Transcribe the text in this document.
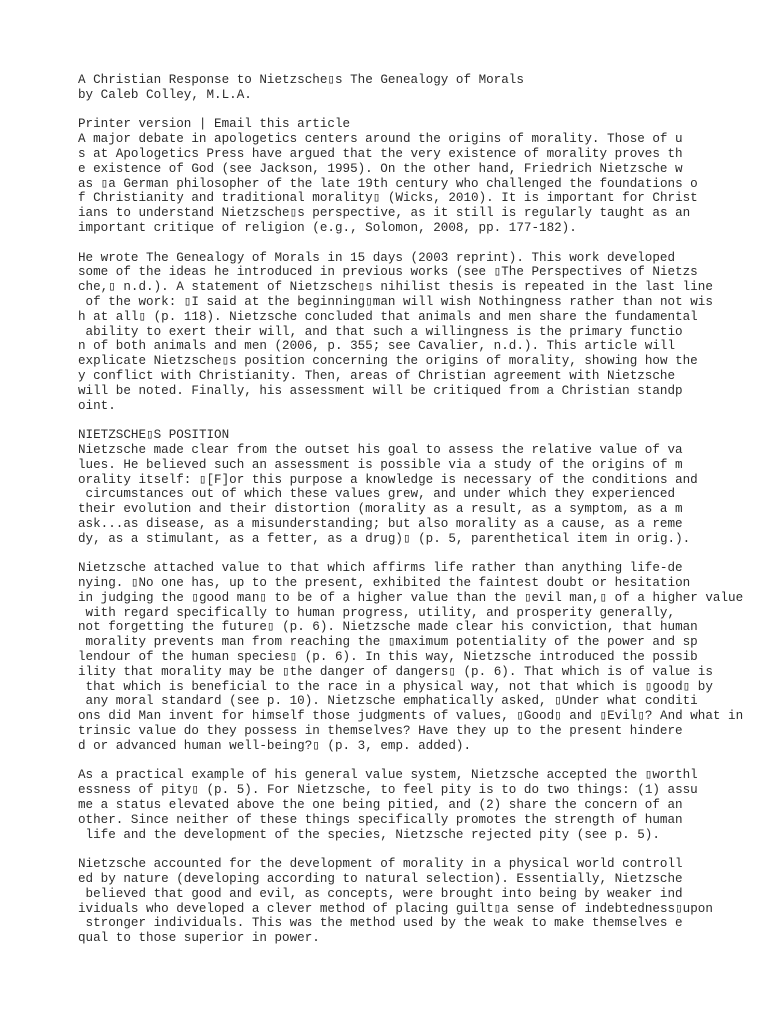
A Christian Response to Nietzsche▯s The Genealogy of Morals
by Caleb Colley, M.L.A.
Printer version | Email this article
A major debate in apologetics centers around the origins of morality. Those of u
s at Apologetics Press have argued that the very existence of morality proves th
e existence of God (see Jackson, 1995). On the other hand, Friedrich Nietzsche w
as ▯a German philosopher of the late 19th century who challenged the foundations o
f Christianity and traditional morality▯ (Wicks, 2010). It is important for Christ
ians to understand Nietzsche▯s perspective, as it still is regularly taught as an
important critique of religion (e.g., Solomon, 2008, pp. 177-182).
He wrote The Genealogy of Morals in 15 days (2003 reprint). This work developed
some of the ideas he introduced in previous works (see ▯The Perspectives of Nietzs
che,▯ n.d.). A statement of Nietzsche▯s nihilist thesis is repeated in the last line
of the work: ▯I said at the beginning▯man will wish Nothingness rather than not wis
h at all▯ (p. 118). Nietzsche concluded that animals and men share the fundamental
ability to exert their will, and that such a willingness is the primary functio
n of both animals and men (2006, p. 355; see Cavalier, n.d.). This article will
explicate Nietzsche▯s position concerning the origins of morality, showing how the
y conflict with Christianity. Then, areas of Christian agreement with Nietzsche
will be noted. Finally, his assessment will be critiqued from a Christian standp
oint.
NIETZSCHE▯S POSITION
Nietzsche made clear from the outset his goal to assess the relative value of va
lues. He believed such an assessment is possible via a study of the origins of m
orality itself: ▯[F]or this purpose a knowledge is necessary of the conditions and
circumstances out of which these values grew, and under which they experienced
their evolution and their distortion (morality as a result, as a symptom, as a m
ask...as disease, as a misunderstanding; but also morality as a cause, as a reme
dy, as a stimulant, as a fetter, as a drug)▯ (p. 5, parenthetical item in orig.).
Nietzsche attached value to that which affirms life rather than anything life-de
nying. ▯No one has, up to the present, exhibited the faintest doubt or hesitation
in judging the ▯good man▯ to be of a higher value than the ▯evil man,▯ of a higher value
with regard specifically to human progress, utility, and prosperity generally,
not forgetting the future▯ (p. 6). Nietzsche made clear his conviction, that human
morality prevents man from reaching the ▯maximum potentiality of the power and sp
lendour of the human species▯ (p. 6). In this way, Nietzsche introduced the possib
ility that morality may be ▯the danger of dangers▯ (p. 6). That which is of value is
that which is beneficial to the race in a physical way, not that which is ▯good▯ by
any moral standard (see p. 10). Nietzsche emphatically asked, ▯Under what conditi
ons did Man invent for himself those judgments of values, ▯Good▯ and ▯Evil▯? And what in
trinsic value do they possess in themselves? Have they up to the present hindere
d or advanced human well-being?▯ (p. 3, emp. added).
As a practical example of his general value system, Nietzsche accepted the ▯worthl
essness of pity▯ (p. 5). For Nietzsche, to feel pity is to do two things: (1) assu
me a status elevated above the one being pitied, and (2) share the concern of an
other. Since neither of these things specifically promotes the strength of human
life and the development of the species, Nietzsche rejected pity (see p. 5).
Nietzsche accounted for the development of morality in a physical world controll
ed by nature (developing according to natural selection). Essentially, Nietzsche
believed that good and evil, as concepts, were brought into being by weaker ind
ividuals who developed a clever method of placing guilt▯a sense of indebtedness▯upon
stronger individuals. This was the method used by the weak to make themselves e
qual to those superior in power.
